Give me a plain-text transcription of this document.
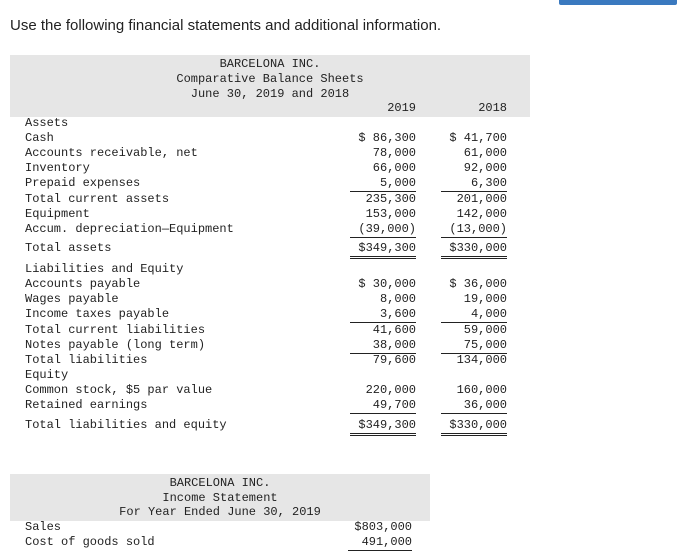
Use the following financial statements and additional information.
BARCELONA INC.
Comparative Balance Sheets
June 30, 2019 and 2018
2019	2018
Assets
Cash	$ 86,300	$ 41,700
Accounts receivable, net	78,000	61,000
Inventory	66,000	92,000
Prepaid expenses	5,000	6,300
Total current assets	235,300	201,000
Equipment	153,000	142,000
Accum. depreciation—Equipment	(39,000)	(13,000)
Total assets	$349,300	$330,000
Liabilities and Equity
Accounts payable	$ 30,000	$ 36,000
Wages payable	8,000	19,000
Income taxes payable	3,600	4,000
Total current liabilities	41,600	59,000
Notes payable (long term)	38,000	75,000
Total liabilities	79,600	134,000
Equity
Common stock, $5 par value	220,000	160,000
Retained earnings	49,700	36,000
Total liabilities and equity	$349,300	$330,000
BARCELONA INC.
Income Statement
For Year Ended June 30, 2019
Sales	$803,000
Cost of goods sold	491,000
